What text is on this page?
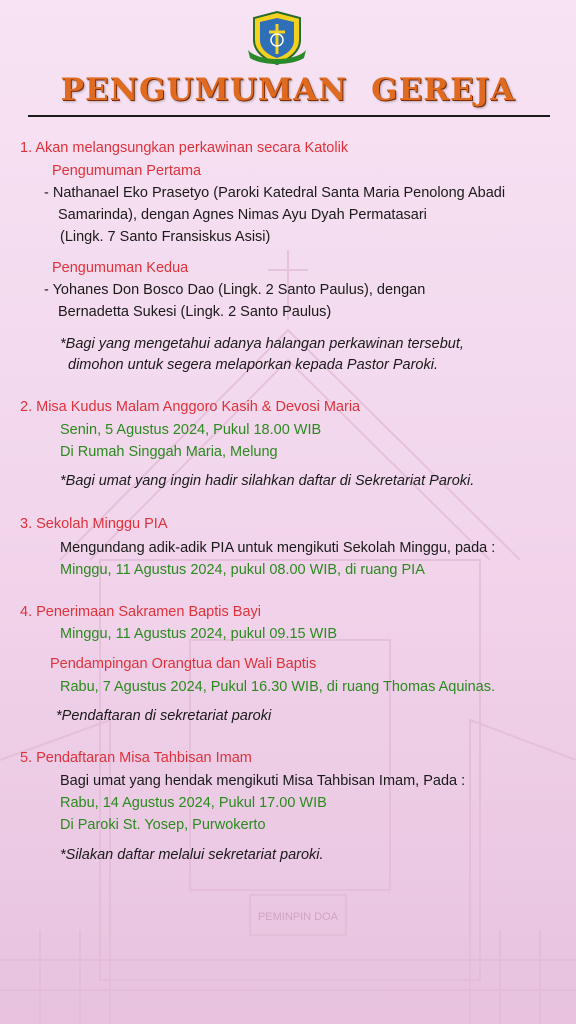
PEMINPIN DOA
PENGUMUMAN  GEREJA
1. Akan melangsungkan perkawinan secara Katolik
Pengumuman Pertama
- Nathanael Eko Prasetyo (Paroki Katedral Santa Maria Penolong Abadi
Samarinda), dengan Agnes Nimas Ayu Dyah Permatasari
(Lingk. 7 Santo Fransiskus Asisi)
Pengumuman Kedua
- Yohanes Don Bosco Dao (Lingk. 2 Santo Paulus), dengan
Bernadetta Sukesi (Lingk. 2 Santo Paulus)
*Bagi yang mengetahui adanya halangan perkawinan tersebut,
dimohon untuk segera melaporkan kepada Pastor Paroki.
2. Misa Kudus Malam Anggoro Kasih & Devosi Maria
Senin, 5 Agustus 2024, Pukul 18.00 WIB
Di Rumah Singgah Maria, Melung
*Bagi umat yang ingin hadir silahkan daftar di Sekretariat Paroki.
3. Sekolah Minggu PIA
Mengundang adik-adik PIA untuk mengikuti Sekolah Minggu, pada :
Minggu, 11 Agustus 2024, pukul 08.00 WIB, di ruang PIA
4. Penerimaan Sakramen Baptis Bayi
Minggu, 11 Agustus 2024, pukul 09.15 WIB
Pendampingan Orangtua dan Wali Baptis
Rabu, 7 Agustus 2024, Pukul 16.30 WIB, di ruang Thomas Aquinas.
*Pendaftaran di sekretariat paroki
5. Pendaftaran Misa Tahbisan Imam
Bagi umat yang hendak mengikuti Misa Tahbisan Imam, Pada :
Rabu, 14 Agustus 2024, Pukul 17.00 WIB
Di Paroki St. Yosep, Purwokerto
*Silakan daftar melalui sekretariat paroki.
